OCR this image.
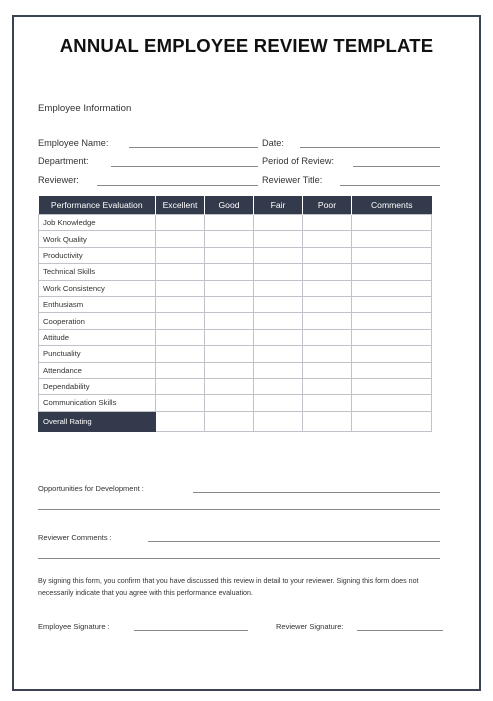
ANNUAL EMPLOYEE REVIEW TEMPLATE
Employee Information
Employee Name:	Date:
Department:	Period of Review:
Reviewer:	Reviewer Title:
Performance Evaluation	Excellent	Good	Fair	Poor	Comments
Job Knowledge					
Work Quality					
Productivity					
Technical Skills					
Work Consistency					
Enthusiasm					
Cooperation					
Attitude					
Punctuality					
Attendance					
Dependability					
Communication Skills					
Overall Rating					
Opportunities for Development :
Reviewer Comments :
By signing this form, you confirm that you have discussed this review in detail to your reviewer. Signing this form does not necessarily indicate that you agree with this performance evaluation.
Employee Signature :	Reviewer Signature:
